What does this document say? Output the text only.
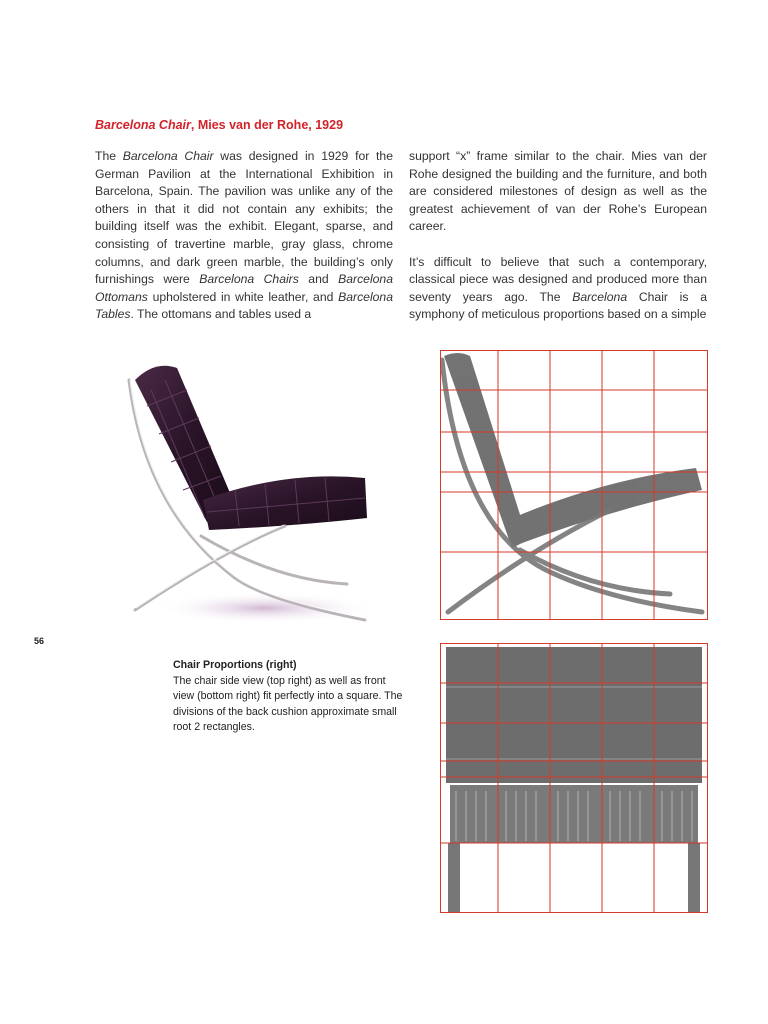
Barcelona Chair, Mies van der Rohe, 1929

The Barcelona Chair was designed in 1929 for the German Pavilion at the International Exhibition in Barcelona, Spain. The pavilion was unlike any of the others in that it did not contain any exhibits; the building itself was the exhibit. Elegant, sparse, and consisting of travertine marble, gray glass, chrome columns, and dark green marble, the building’s only furnishings were Barcelona Chairs and Barcelona Ottomans upholstered in white leather, and Barcelona Tables. The ottomans and tables used a

support “x” frame similar to the chair. Mies van der Rohe designed the building and the furniture, and both are considered milestones of design as well as the greatest achievement of van der Rohe’s European career.

It’s difficult to believe that such a contemporary, classical piece was designed and produced more than seventy years ago. The Barcelona Chair is a symphony of meticulous proportions based on a simple

56
Chair Proportions (right)
The chair side view (top right) as well as front view (bottom right) fit perfectly into a square. The divisions of the back cushion approximate small root 2 rectangles.
